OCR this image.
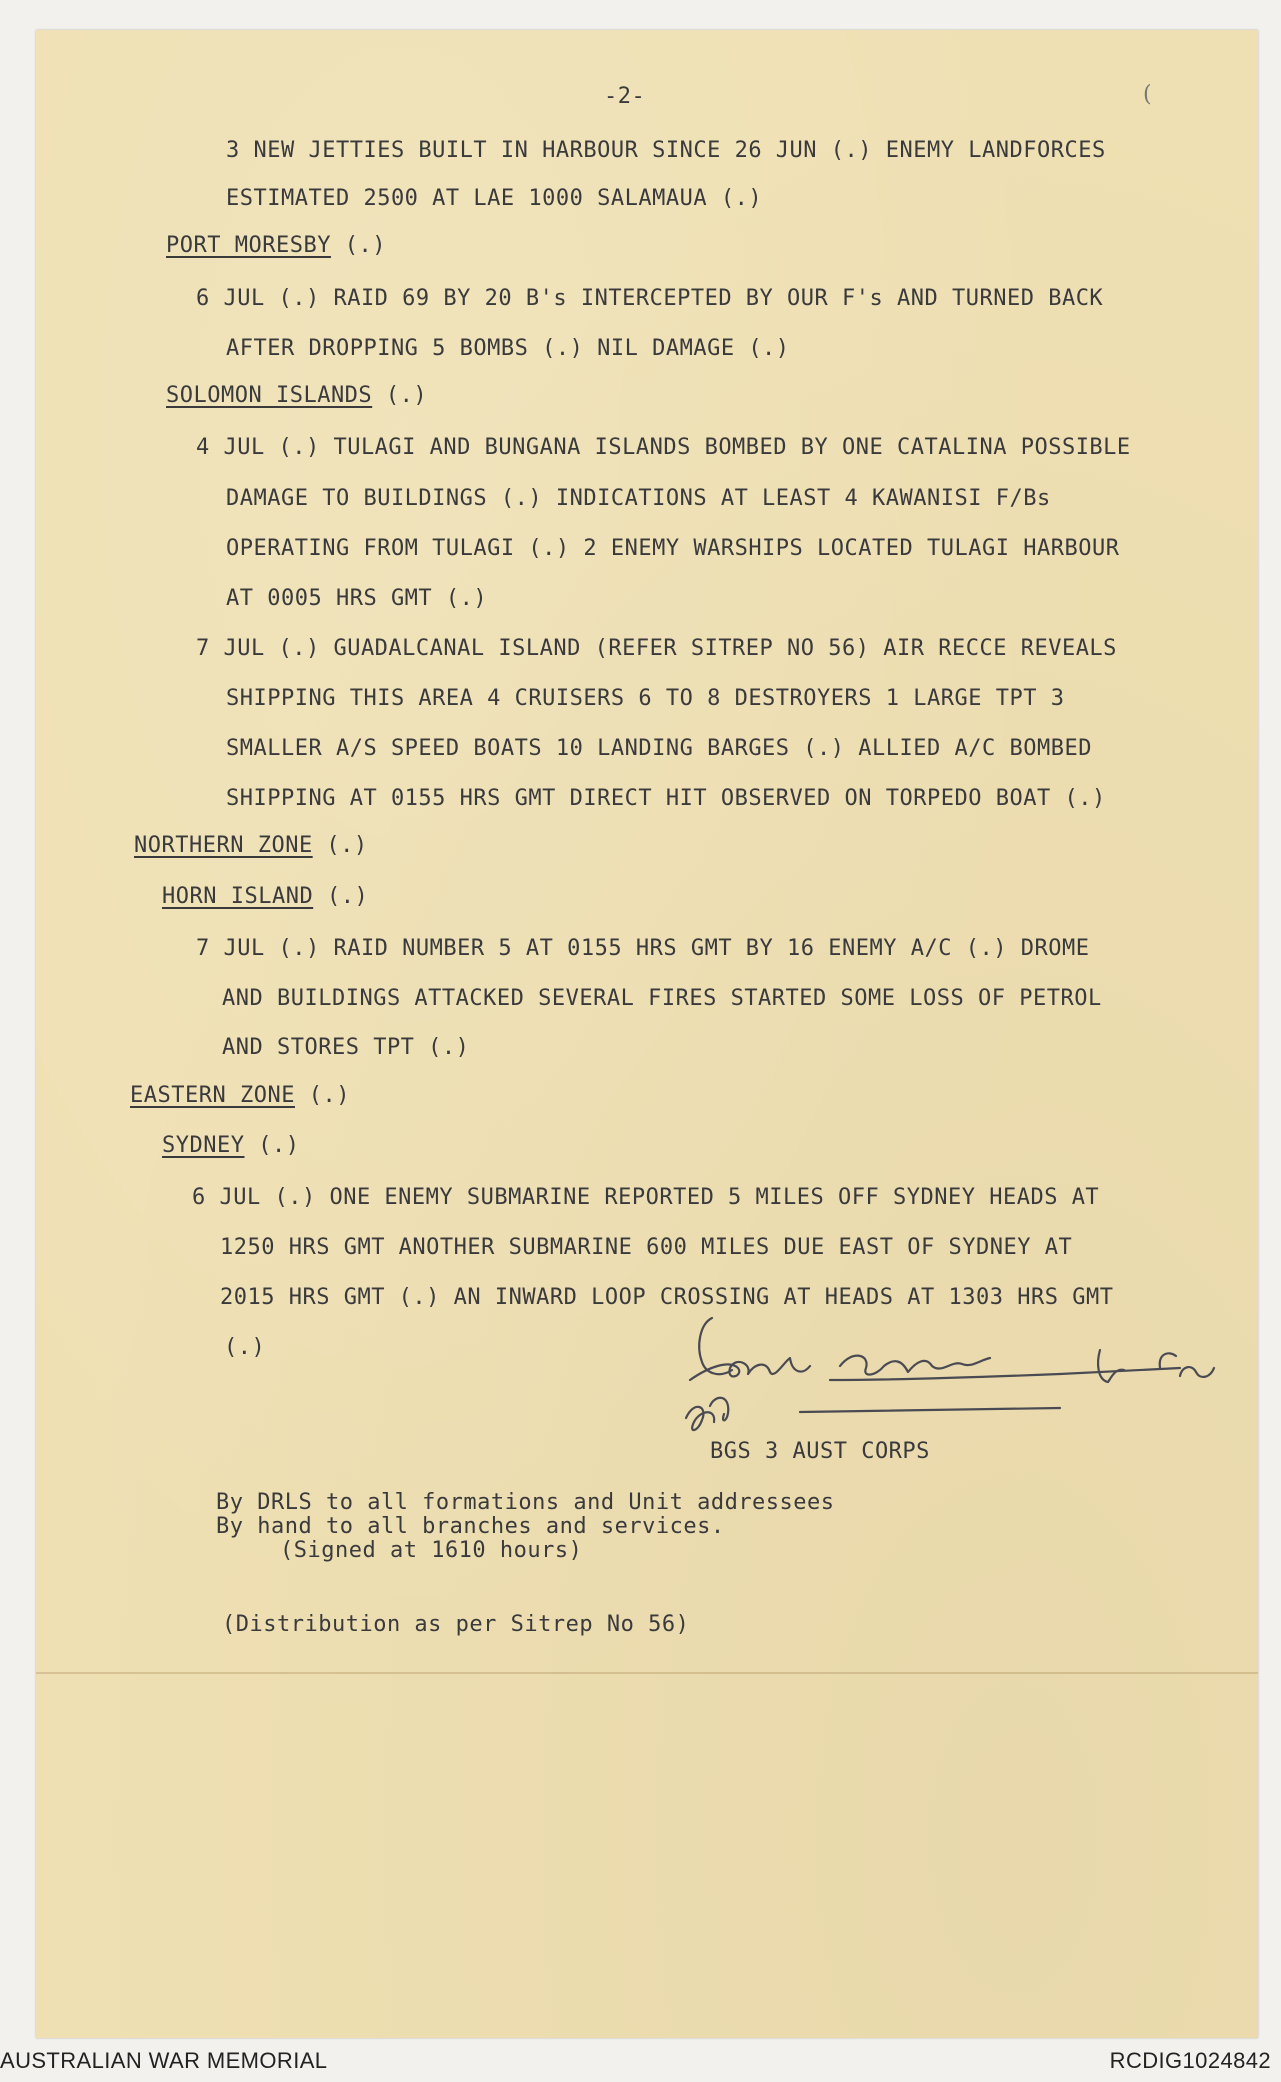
-2-	(
3 NEW JETTIES BUILT IN HARBOUR SINCE 26 JUN (.) ENEMY LANDFORCES
ESTIMATED 2500 AT LAE 1000 SALAMAUA (.)
PORT MORESBY (.)
6 JUL (.) RAID 69 BY 20 B's INTERCEPTED BY OUR F's AND TURNED BACK
AFTER DROPPING 5 BOMBS (.) NIL DAMAGE (.)
SOLOMON ISLANDS (.)
4 JUL (.) TULAGI AND BUNGANA ISLANDS BOMBED BY ONE CATALINA POSSIBLE
DAMAGE TO BUILDINGS (.) INDICATIONS AT LEAST 4 KAWANISI F/Bs
OPERATING FROM TULAGI (.) 2 ENEMY WARSHIPS LOCATED TULAGI HARBOUR
AT 0005 HRS GMT (.)
7 JUL (.) GUADALCANAL ISLAND (REFER SITREP NO 56) AIR RECCE REVEALS
SHIPPING THIS AREA 4 CRUISERS 6 TO 8 DESTROYERS 1 LARGE TPT 3
SMALLER A/S SPEED BOATS 10 LANDING BARGES (.) ALLIED A/C BOMBED
SHIPPING AT 0155 HRS GMT DIRECT HIT OBSERVED ON TORPEDO BOAT (.)
NORTHERN ZONE (.)
HORN ISLAND (.)
7 JUL (.) RAID NUMBER 5 AT 0155 HRS GMT BY 16 ENEMY A/C (.) DROME
AND BUILDINGS ATTACKED SEVERAL FIRES STARTED SOME LOSS OF PETROL
AND STORES TPT (.)
EASTERN ZONE (.)
SYDNEY (.)
6 JUL (.) ONE ENEMY SUBMARINE REPORTED 5 MILES OFF SYDNEY HEADS AT
1250 HRS GMT ANOTHER SUBMARINE 600 MILES DUE EAST OF SYDNEY AT
2015 HRS GMT (.) AN INWARD LOOP CROSSING AT HEADS AT 1303 HRS GMT
(.)
BGS 3 AUST CORPS
By DRLS to all formations and Unit addressees
By hand to all branches and services.
(Signed at 1610 hours)
(Distribution as per Sitrep No 56)
AUSTRALIAN WAR MEMORIAL	RCDIG1024842
